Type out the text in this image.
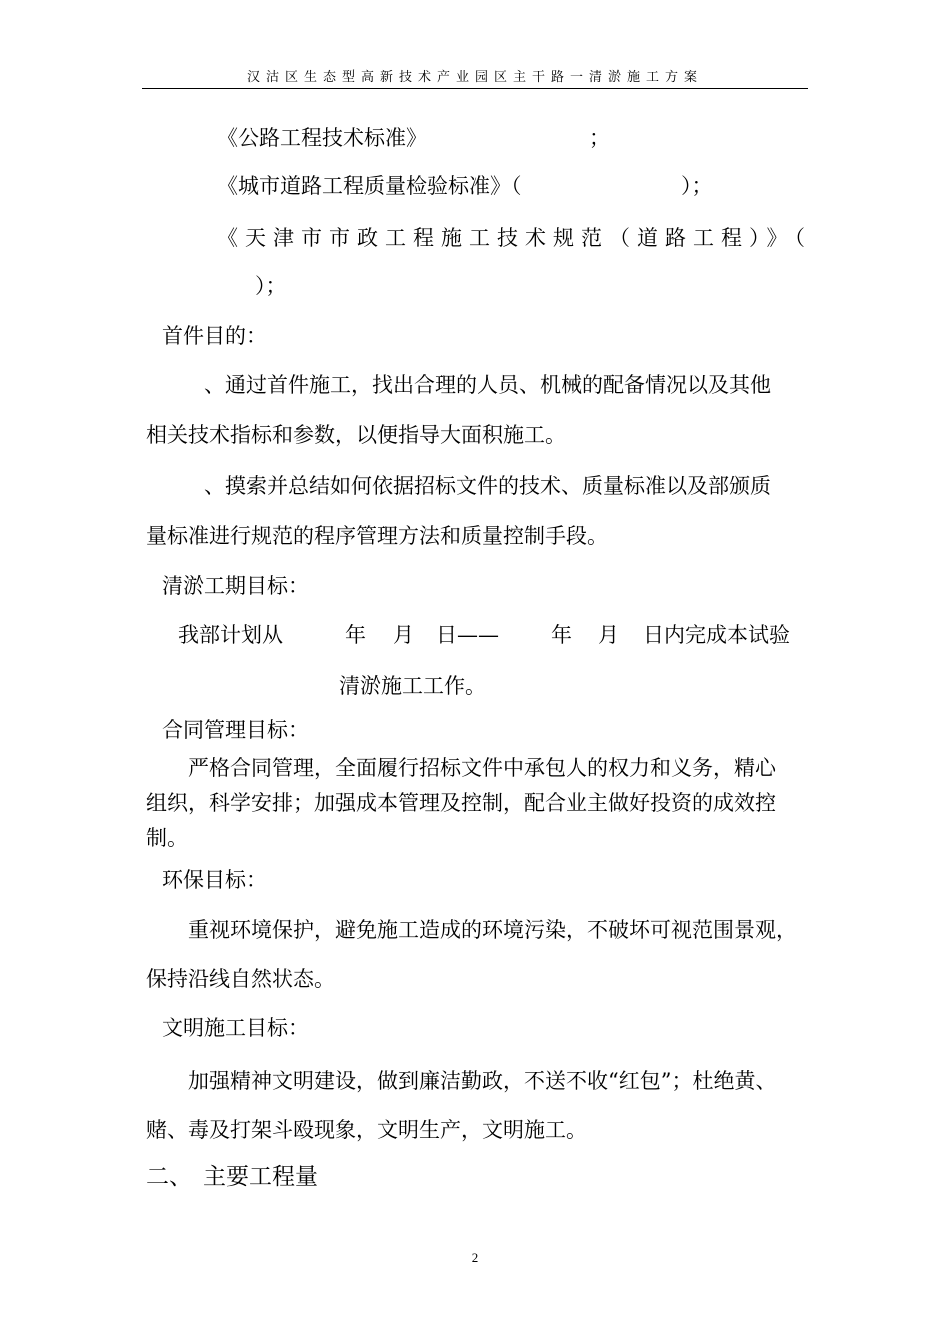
汉沽区生态型高新技术产业园区主干路一清淤施工方案
《公路工程技术标准》	；
《城市道路工程质量检验标准》（	）；
《天津市市政工程施工技术规范（道路工程）》（
）；
首件目的：
、通过首件施工，找出合理的人员、机械的配备情况以及其他
相关技术指标和参数，以便指导大面积施工。
、摸索并总结如何依据招标文件的技术、质量标准以及部颁质
量标准进行规范的程序管理方法和质量控制手段。
清淤工期目标：
我部计划从	年 月 日—— 年 月 日内完成本试验
清淤施工工作。
合同管理目标：
严格合同管理，全面履行招标文件中承包人的权力和义务，精心
组织，科学安排；加强成本管理及控制，配合业主做好投资的成效控
制。
环保目标：
重视环境保护，避免施工造成的环境污染，不破坏可视范围景观，
保持沿线自然状态。
文明施工目标：
加强精神文明建设，做到廉洁勤政，不送不收“红包”；杜绝黄、
赌、毒及打架斗殴现象，文明生产，文明施工。
二、 主要工程量
2
